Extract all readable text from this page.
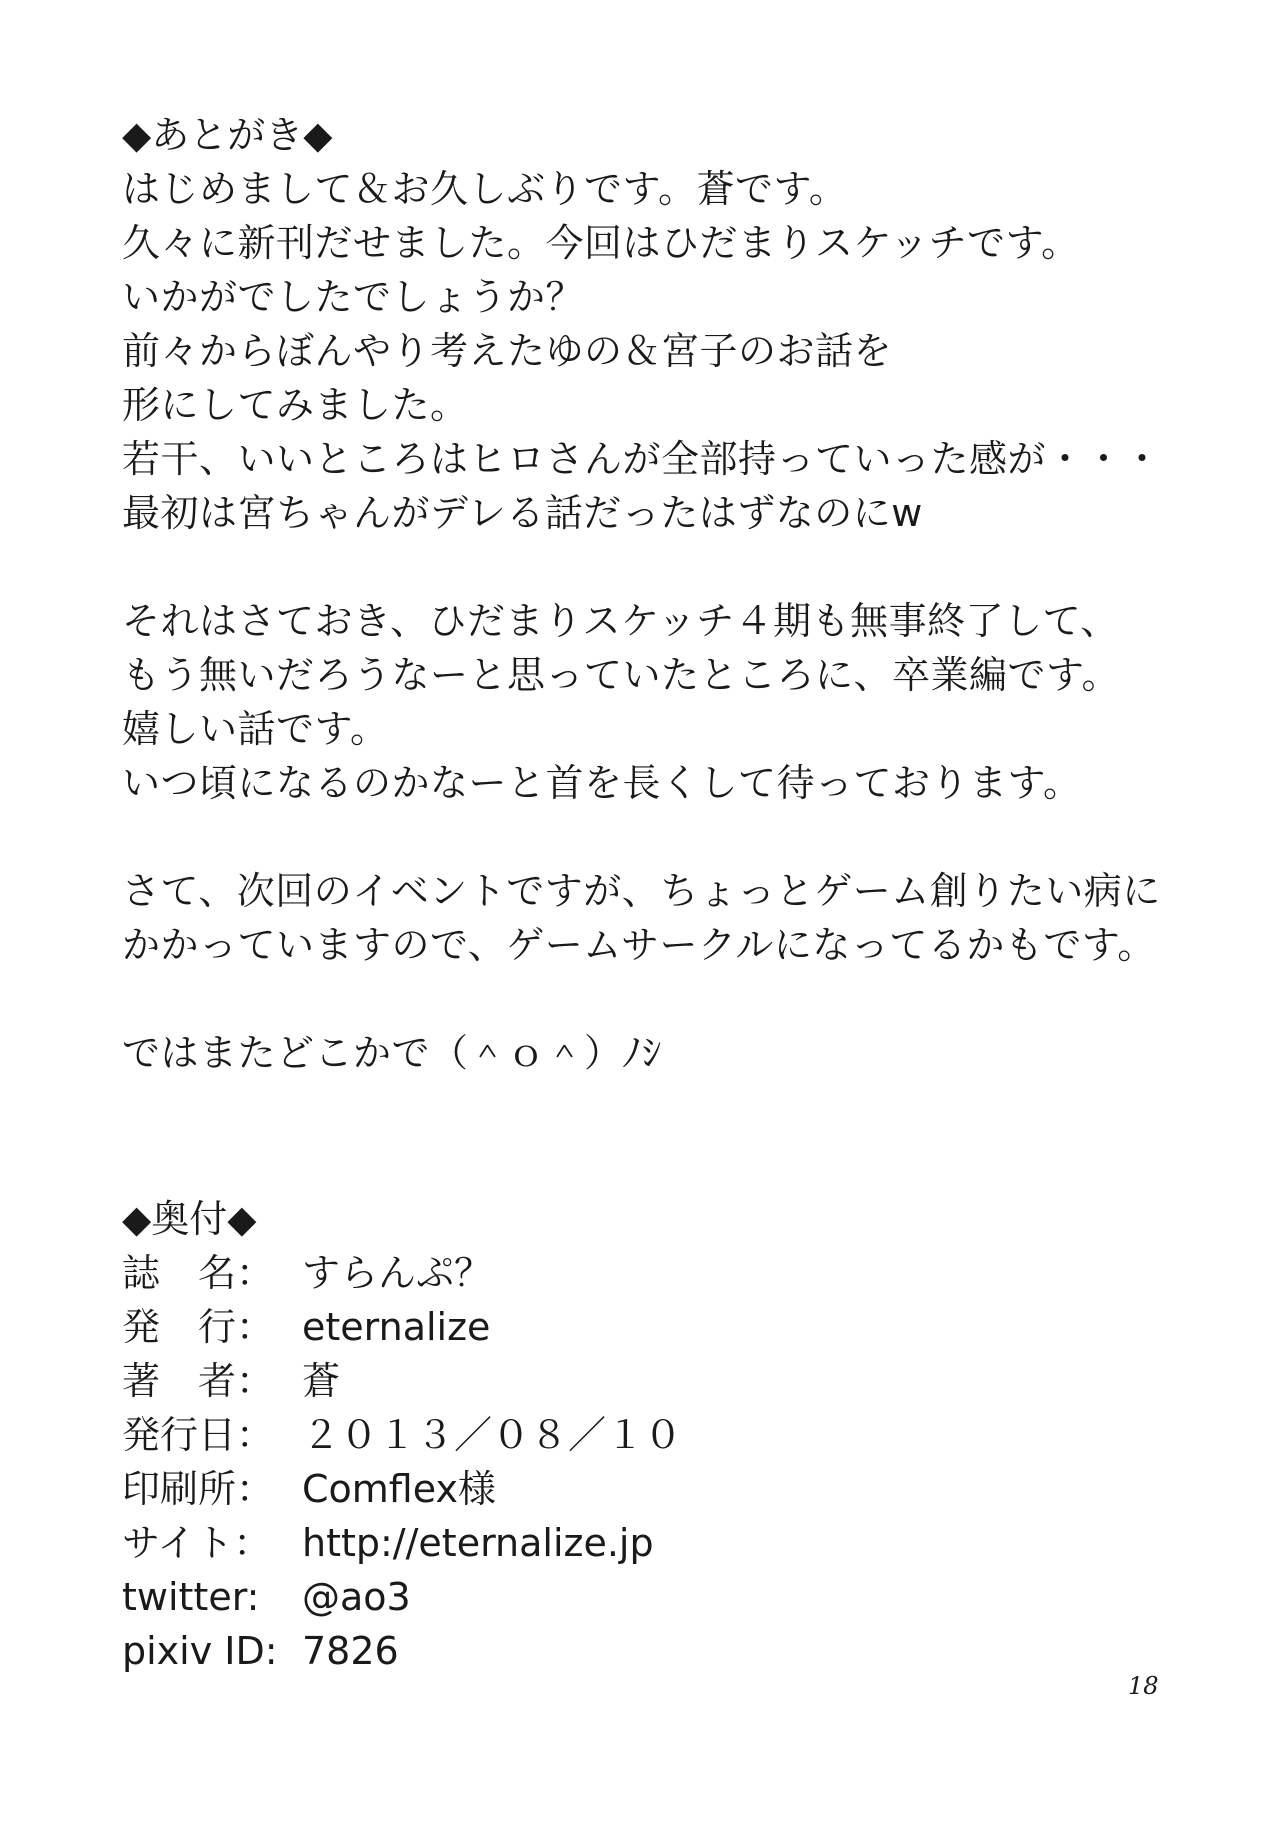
◆あとがき◆
はじめまして＆お久しぶりです。蒼です。
久々に新刊だせました。今回はひだまりスケッチです。
いかがでしたでしょうか？
前々からぼんやり考えたゆの＆宮子のお話を
形にしてみました。
若干、いいところはヒロさんが全部持っていった感が・・・
最初は宮ちゃんがデレる話だったはずなのにw
それはさておき、ひだまりスケッチ４期も無事終了して、
もう無いだろうなーと思っていたところに、卒業編です。
嬉しい話です。
いつ頃になるのかなーと首を長くして待っております。
さて、次回のイベントですが、ちょっとゲーム創りたい病に
かかっていますので、ゲームサークルになってるかもです。
ではまたどこかで（＾ｏ＾）ﾉｼ
◆奥付◆
誌　名： すらんぷ？
発　行： eternalize
著　者： 蒼
発行日： ２０１３／０８／１０
印刷所： Comflex様
サイト： http://eternalize.jp
twitter:	@ao3
pixiv ID: 7826
18
